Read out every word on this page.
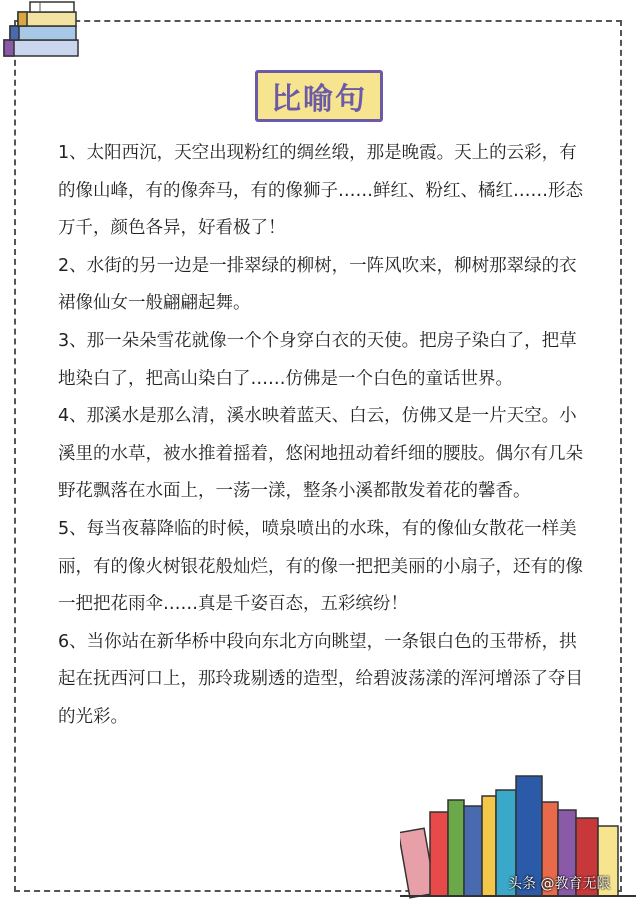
比喻句

1、太阳西沉，天空出现粉红的绸丝缎，那是晚霞。天上的云彩，有的像山峰，有的像奔马，有的像狮子……鲜红、粉红、橘红……形态万千，颜色各异，好看极了！

2、水街的另一边是一排翠绿的柳树，一阵风吹来，柳树那翠绿的衣裙像仙女一般翩翩起舞。

3、那一朵朵雪花就像一个个身穿白衣的天使。把房子染白了，把草地染白了，把高山染白了……仿佛是一个白色的童话世界。

4、那溪水是那么清，溪水映着蓝天、白云，仿佛又是一片天空。小溪里的水草，被水推着摇着，悠闲地扭动着纤细的腰肢。偶尔有几朵野花飘落在水面上，一荡一漾，整条小溪都散发着花的馨香。

5、每当夜幕降临的时候，喷泉喷出的水珠，有的像仙女散花一样美丽，有的像火树银花般灿烂，有的像一把把美丽的小扇子，还有的像一把把花雨伞……真是千姿百态，五彩缤纷！

6、当你站在新华桥中段向东北方向眺望，一条银白色的玉带桥，拱起在抚西河口上，那玲珑剔透的造型，给碧波荡漾的浑河增添了夺目的光彩。

头条 @教育无限
